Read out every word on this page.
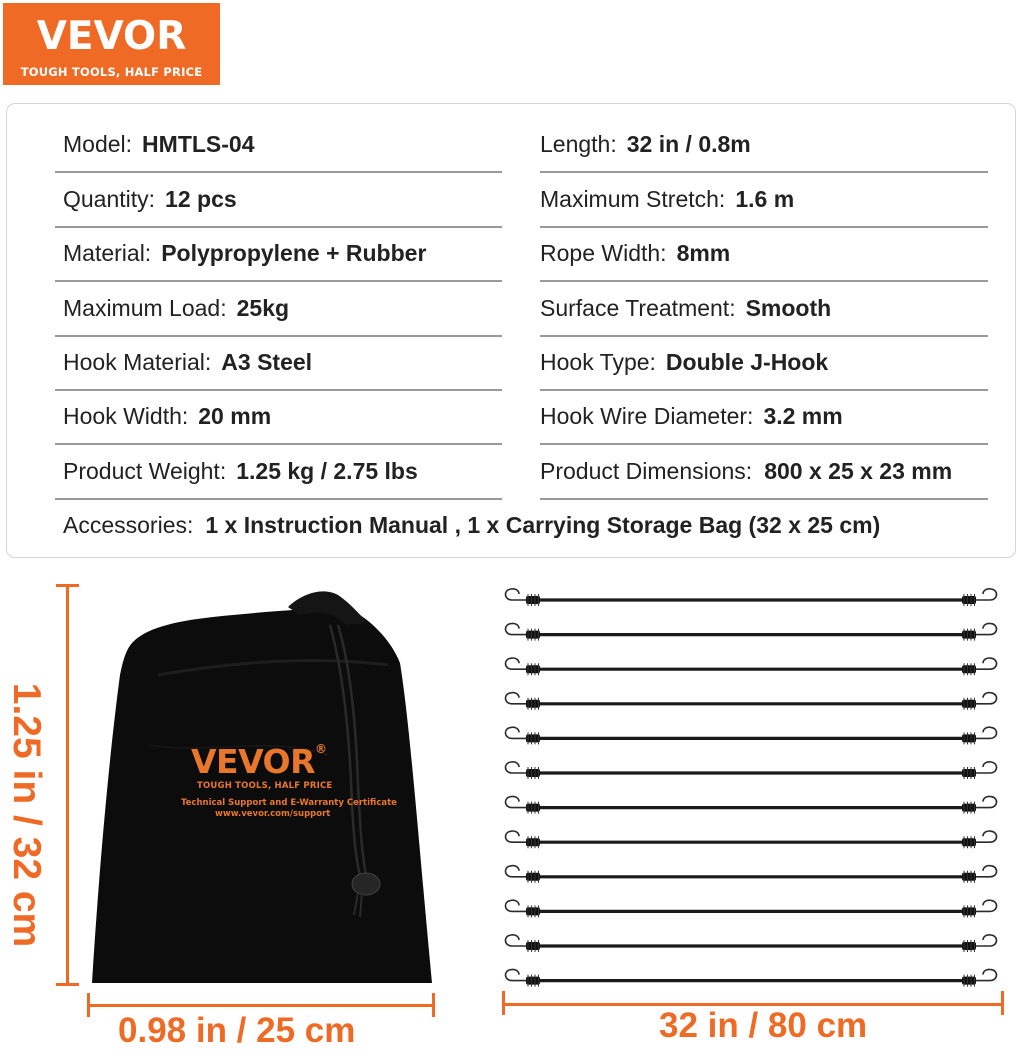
VEVOR
TOUGH TOOLS, HALF PRICE
Model: HMTLS-04	Length: 32 in / 0.8m
Quantity: 12 pcs	Maximum Stretch: 1.6 m
Material: Polypropylene + Rubber	Rope Width: 8mm
Maximum Load: 25kg	Surface Treatment: Smooth
Hook Material: A3 Steel	Hook Type: Double J-Hook
Hook Width: 20 mm	Hook Wire Diameter: 3.2 mm
Product Weight: 1.25 kg / 2.75 lbs	Product Dimensions: 800 x 25 x 23 mm
Accessories: 1 x Instruction Manual , 1 x Carrying Storage Bag (32 x 25 cm)
1.25 in / 32 cm	VEVOR®
TOUGH TOOLS, HALF PRICE
Technical Support and E-Warranty Certificate
www.vevor.com/support
0.98 in / 25 cm	32 in / 80 cm
